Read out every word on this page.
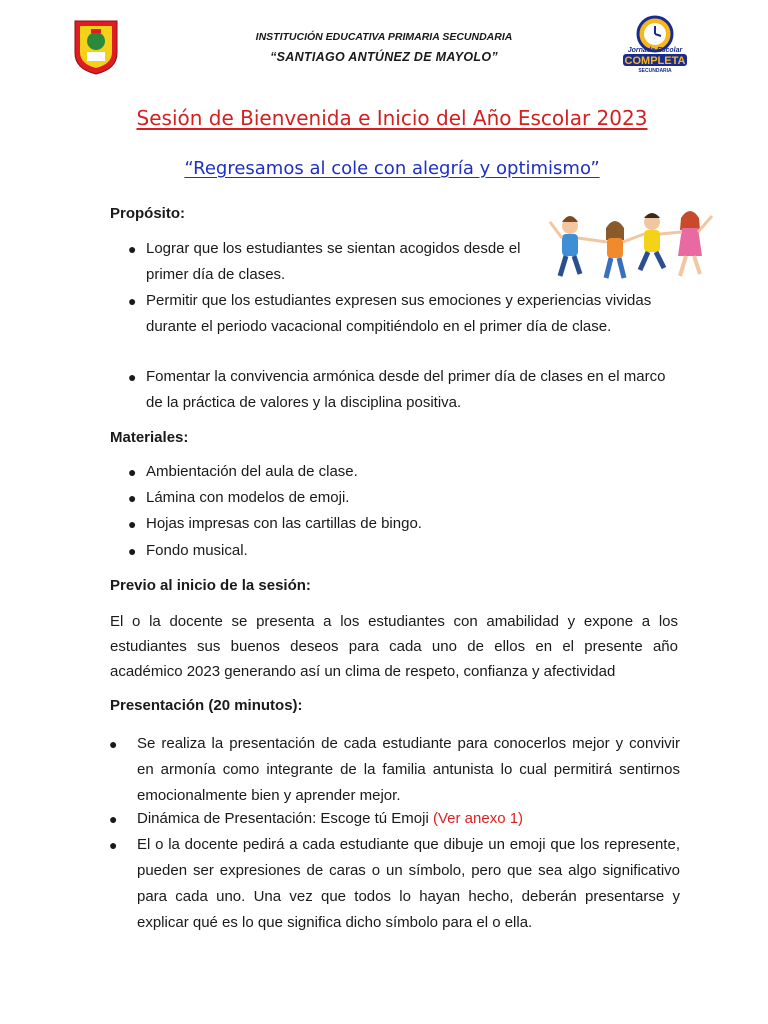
Jornada Escolar
COMPLETA
SECUNDARIA
INSTITUCIÓN EDUCATIVA PRIMARIA SECUNDARIA
“SANTIAGO ANTÚNEZ DE MAYOLO”
Sesión de Bienvenida e Inicio del Año Escolar 2023
“Regresamos al cole con alegría y optimismo”
Propósito:
● Lograr que los estudiantes se sientan acogidos desde el primer día de clases.
● Permitir que los estudiantes expresen sus emociones y experiencias vividas durante el periodo vacacional compitiéndolo en el primer día de clase.
● Fomentar la convivencia armónica desde del primer día de clases en el marco de la práctica de valores y la disciplina positiva.
Materiales:
● Ambientación del aula de clase.
● Lámina con modelos de emoji.
● Hojas impresas con las cartillas de bingo.
● Fondo musical.
Previo al inicio de la sesión:
El o la docente se presenta a los estudiantes con amabilidad y expone a los estudiantes sus buenos deseos para cada uno de ellos en el presente año académico 2023 generando así un clima de respeto, confianza y afectividad
Presentación (20 minutos):
● Se realiza la presentación de cada estudiante para conocerlos mejor y convivir en armonía como integrante de la familia antunista lo cual permitirá sentirnos emocionalmente bien y aprender mejor.
● Dinámica de Presentación: Escoge tú Emoji (Ver anexo 1)
● El o la docente pedirá a cada estudiante que dibuje un emoji que los represente, pueden ser expresiones de caras o un símbolo, pero que sea algo significativo para cada uno. Una vez que todos lo hayan hecho, deberán presentarse y explicar qué es lo que significa dicho símbolo para el o ella.
